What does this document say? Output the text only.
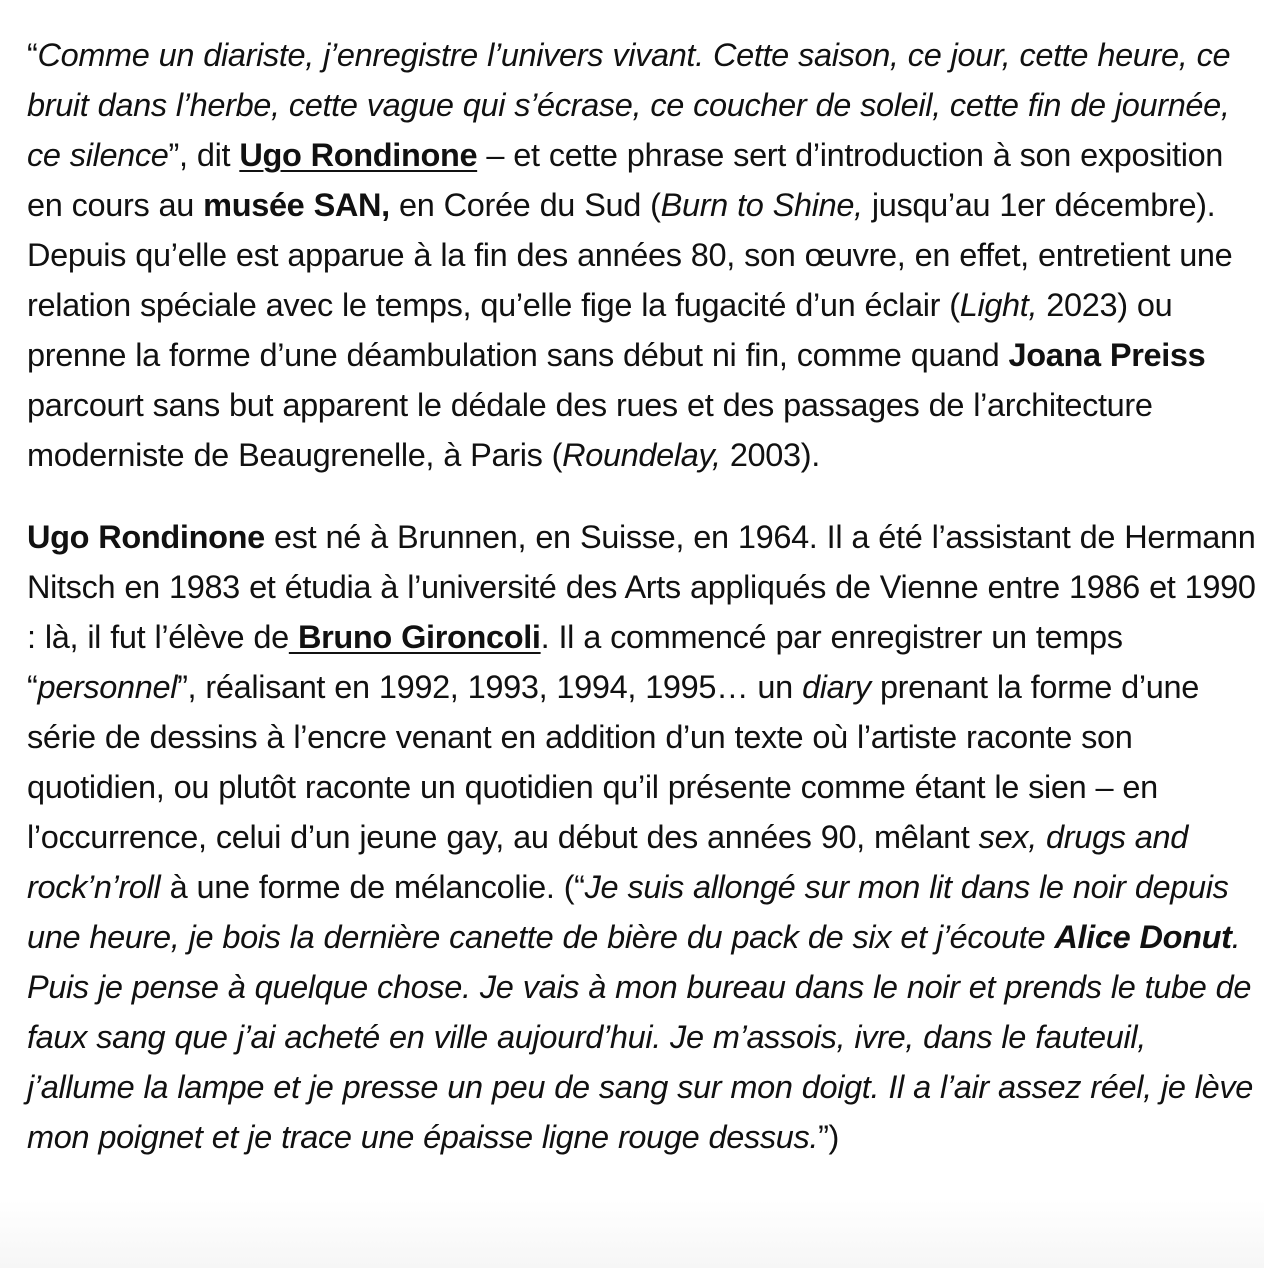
“Comme un diariste, j’enregistre l’univers vivant. Cette saison, ce jour, cette heure, ce bruit dans l’herbe, cette vague qui s’écrase, ce coucher de soleil, cette fin de journée, ce silence”, dit Ugo Rondinone – et cette phrase sert d’introduction à son exposition en cours au musée SAN, en Corée du Sud (Burn to Shine, jusqu’au 1er décembre). Depuis qu’elle est apparue à la fin des années 80, son œuvre, en effet, entretient une relation spéciale avec le temps, qu’elle fige la fugacité d’un éclair (Light, 2023) ou prenne la forme d’une déambulation sans début ni fin, comme quand Joana Preiss parcourt sans but apparent le dédale des rues et des passages de l’architecture moderniste de Beaugrenelle, à Paris (Roundelay, 2003).

Ugo Rondinone est né à Brunnen, en Suisse, en 1964. Il a été l’assistant de Hermann Nitsch en 1983 et étudia à l’université des Arts appliqués de Vienne entre 1986 et 1990 : là, il fut l’élève de Bruno Gironcoli. Il a commencé par enregistrer un temps “personnel”, réalisant en 1992, 1993, 1994, 1995… un diary prenant la forme d’une série de dessins à l’encre venant en addition d’un texte où l’artiste raconte son quotidien, ou plutôt raconte un quotidien qu’il présente comme étant le sien – en l’occurrence, celui d’un jeune gay, au début des années 90, mêlant sex, drugs and rock’n’roll à une forme de mélancolie. (“Je suis allongé sur mon lit dans le noir depuis une heure, je bois la dernière canette de bière du pack de six et j’écoute Alice Donut. Puis je pense à quelque chose. Je vais à mon bureau dans le noir et prends le tube de faux sang que j’ai acheté en ville aujourd’hui. Je m’assois, ivre, dans le fauteuil, j’allume la lampe et je presse un peu de sang sur mon doigt. Il a l’air assez réel, je lève mon poignet et je trace une épaisse ligne rouge dessus.”)
